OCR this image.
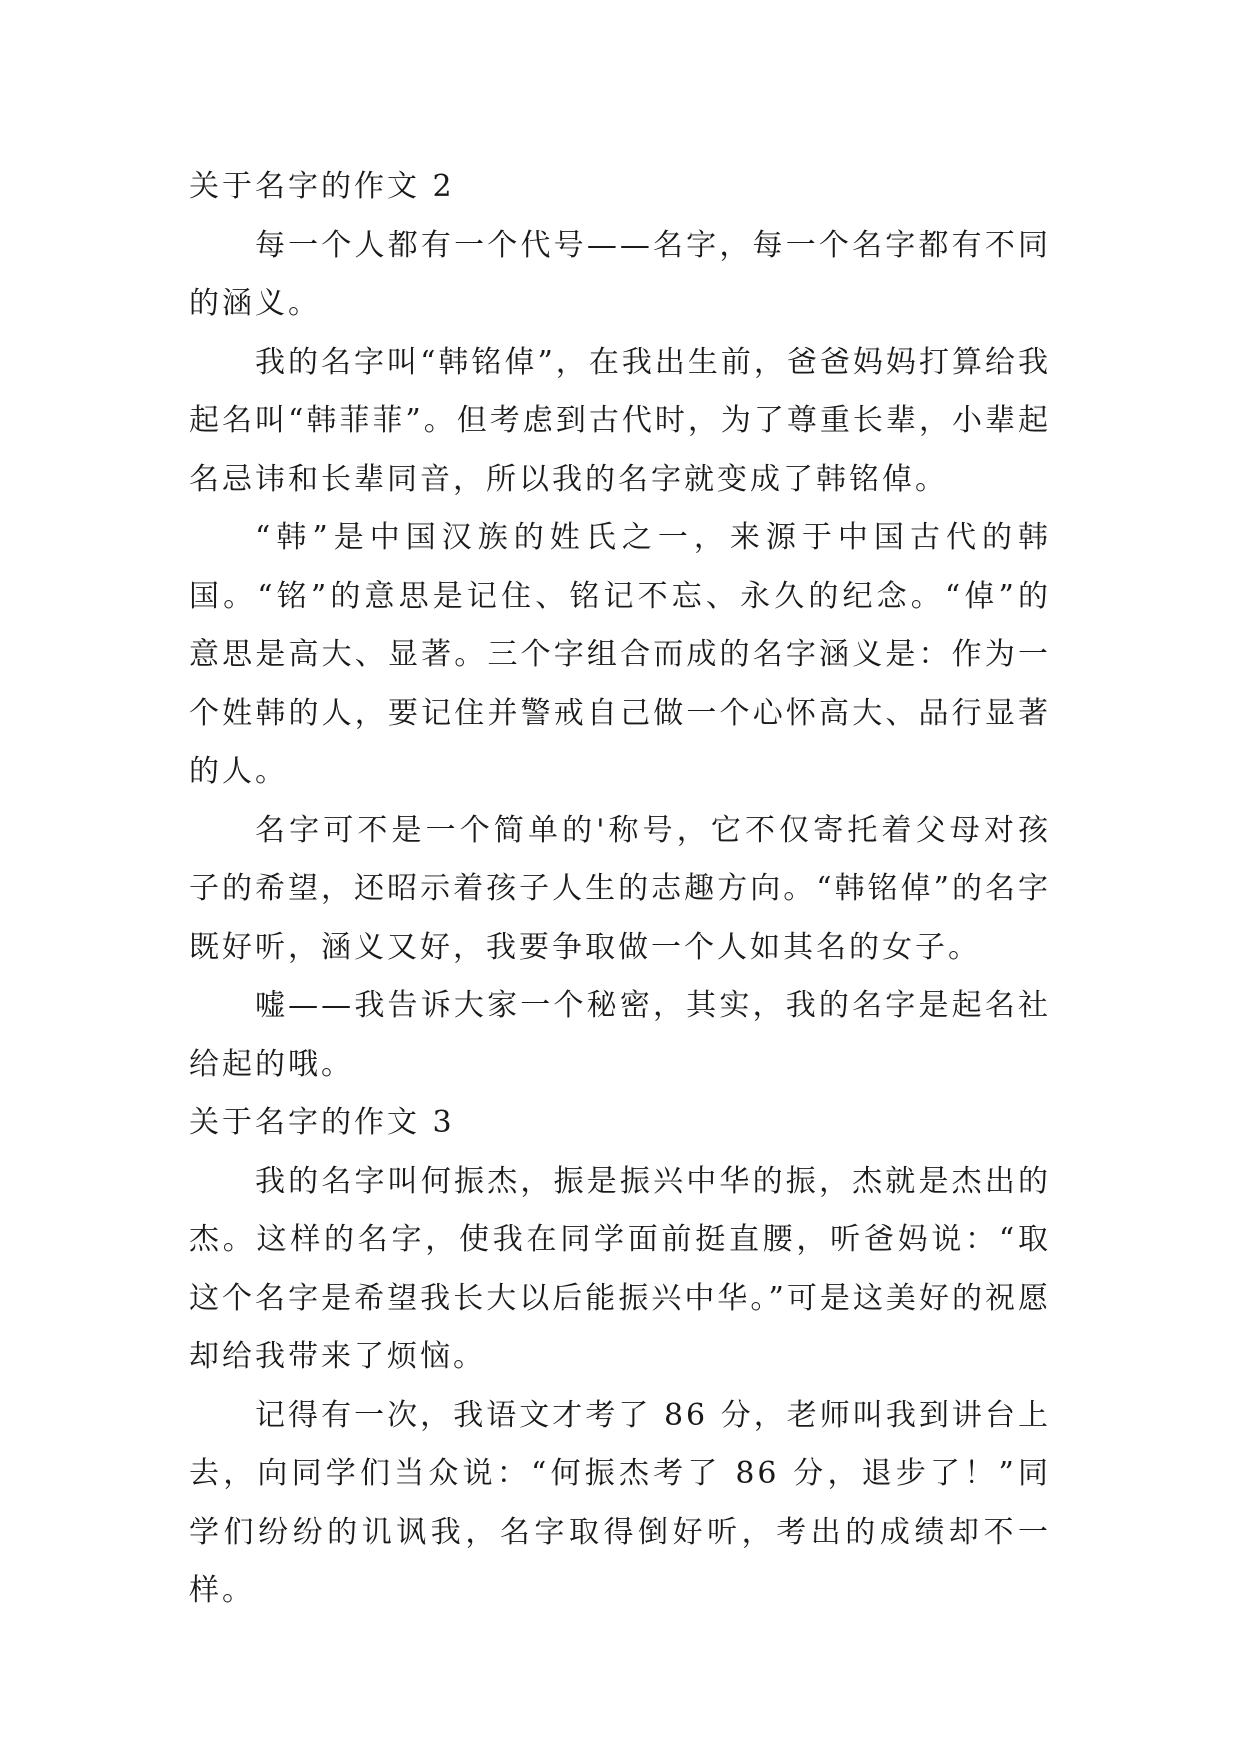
关于名字的作文 2

每一个人都有一个代号——名字，每一个名字都有不同的涵义。

我的名字叫“韩铭倬”，在我出生前，爸爸妈妈打算给我起名叫“韩菲菲”。但考虑到古代时，为了尊重长辈，小辈起名忌讳和长辈同音，所以我的名字就变成了韩铭倬。

“韩”是中国汉族的姓氏之一，来源于中国古代的韩国。“铭”的意思是记住、铭记不忘、永久的纪念。“倬”的意思是高大、显著。三个字组合而成的名字涵义是：作为一个姓韩的人，要记住并警戒自己做一个心怀高大、品行显著的人。

名字可不是一个简单的'称号，它不仅寄托着父母对孩子的希望，还昭示着孩子人生的志趣方向。“韩铭倬”的名字既好听，涵义又好，我要争取做一个人如其名的女子。

嘘——我告诉大家一个秘密，其实，我的名字是起名社给起的哦。

关于名字的作文 3

我的名字叫何振杰，振是振兴中华的振，杰就是杰出的杰。这样的名字，使我在同学面前挺直腰，听爸妈说：“取这个名字是希望我长大以后能振兴中华。”可是这美好的祝愿却给我带来了烦恼。

记得有一次，我语文才考了 86 分，老师叫我到讲台上去，向同学们当众说：“何振杰考了 86 分，退步了！”同学们纷纷的讥讽我，名字取得倒好听，考出的成绩却不一样。
